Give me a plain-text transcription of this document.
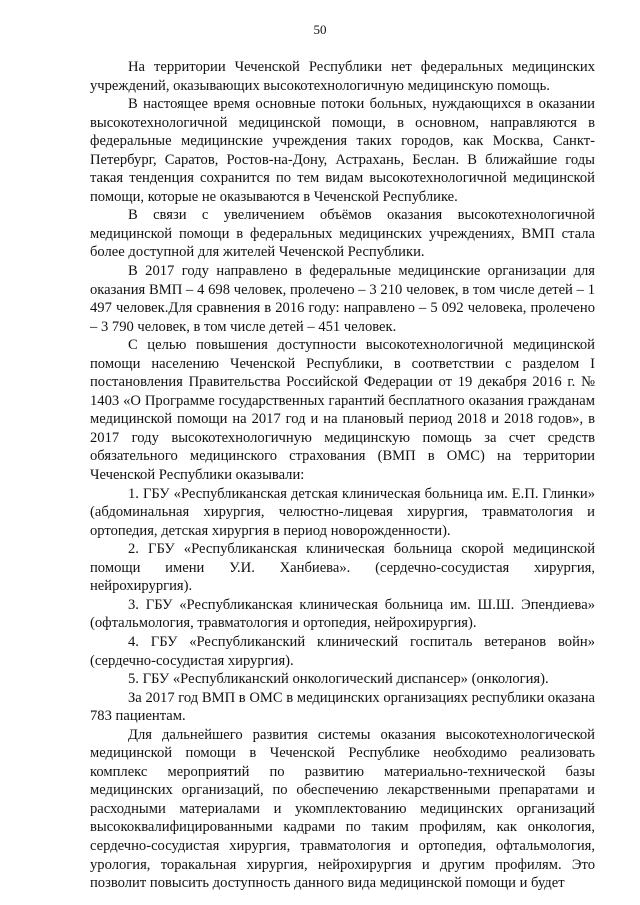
50

На территории Чеченской Республики нет федеральных медицинских учреждений, оказывающих высокотехнологичную медицинскую помощь.

В настоящее время основные потоки больных, нуждающихся в оказании высокотехнологичной медицинской помощи, в основном, направляются в федеральные медицинские учреждения таких городов, как Москва, Санкт-Петербург, Саратов, Ростов-на-Дону, Астрахань, Беслан. В ближайшие годы такая тенденция сохранится по тем видам высокотехнологичной медицинской помощи, которые не оказываются в Чеченской Республике.

В связи с увеличением объёмов оказания высокотехнологичной медицинской помощи в федеральных медицинских учреждениях, ВМП стала более доступной для жителей Чеченской Республики.

В 2017 году направлено в федеральные медицинские организации для оказания ВМП – 4 698 человек, пролечено – 3 210 человек, в том числе детей – 1 497 человек.Для сравнения в 2016 году: направлено – 5 092 человека, пролечено – 3 790 человек, в том числе детей – 451 человек.

С целью повышения доступности высокотехнологичной медицинской помощи населению Чеченской Республики, в соответствии с разделом I постановления Правительства Российской Федерации от 19 декабря 2016 г. № 1403 «О Программе государственных гарантий бесплатного оказания гражданам медицинской помощи на 2017 год и на плановый период 2018 и 2018 годов», в 2017 году высокотехнологичную медицинскую помощь за счет средств обязательного медицинского страхования (ВМП в ОМС) на территории Чеченской Республики оказывали:

1. ГБУ «Республиканская детская клиническая больница им. Е.П. Глинки» (абдоминальная хирургия, челюстно-лицевая хирургия, травматология и ортопедия, детская хирургия в период новорожденности).

2. ГБУ «Республиканская клиническая больница скорой медицинской помощи имени У.И. Ханбиева». (сердечно-сосудистая хирургия, нейрохирургия).

3. ГБУ «Республиканская клиническая больница им. Ш.Ш. Эпендиева» (офтальмология, травматология и ортопедия, нейрохирургия).

4. ГБУ «Республиканский клинический госпиталь ветеранов войн» (сердечно-сосудистая хирургия).

5. ГБУ «Республиканский онкологический диспансер» (онкология).

За 2017 год ВМП в ОМС в медицинских организациях республики оказана 783 пациентам.

Для дальнейшего развития системы оказания высокотехнологической медицинской помощи в Чеченской Республике необходимо реализовать комплекс мероприятий по развитию материально-технической базы медицинских организаций, по обеспечению лекарственными препаратами и расходными материалами и укомплектованию медицинских организаций высококвалифицированными кадрами по таким профилям, как онкология, сердечно-сосудистая хирургия, травматология и ортопедия, офтальмология, урология, торакальная хирургия, нейрохирургия и другим профилям. Это позволит повысить доступность данного вида медицинской помощи и будет
